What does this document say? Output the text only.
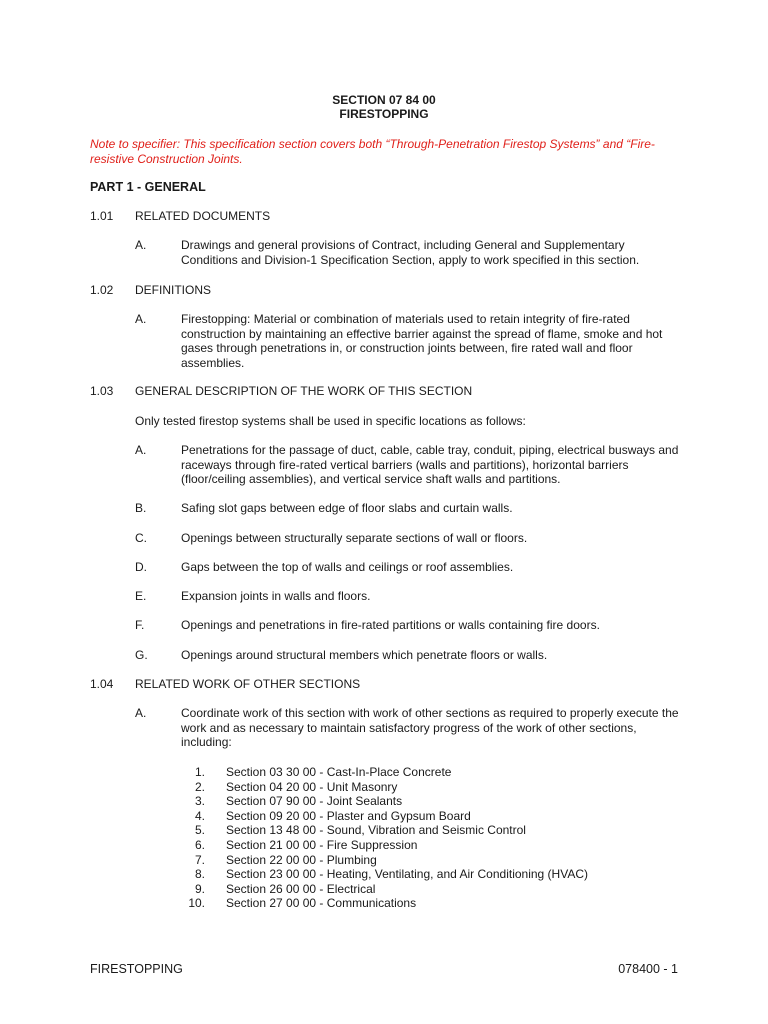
SECTION 07 84 00
FIRESTOPPING
Note to specifier: This specification section covers both “Through-Penetration Firestop Systems” and “Fire-resistive Construction Joints.
PART 1 - GENERAL
1.01 RELATED DOCUMENTS
A.	Drawings and general provisions of Contract, including General and Supplementary Conditions and Division-1 Specification Section, apply to work specified in this section.
1.02 DEFINITIONS
A.	Firestopping: Material or combination of materials used to retain integrity of fire-rated construction by maintaining an effective barrier against the spread of flame, smoke and hot gases through penetrations in, or construction joints between, fire rated wall and floor assemblies.
1.03 GENERAL DESCRIPTION OF THE WORK OF THIS SECTION
Only tested firestop systems shall be used in specific locations as follows:
A.	Penetrations for the passage of duct, cable, cable tray, conduit, piping, electrical busways and raceways through fire-rated vertical barriers (walls and partitions), horizontal barriers (floor/ceiling assemblies), and vertical service shaft walls and partitions.
B.	Safing slot gaps between edge of floor slabs and curtain walls.
C.	Openings between structurally separate sections of wall or floors.
D.	Gaps between the top of walls and ceilings or roof assemblies.
E.	Expansion joints in walls and floors.
F.	Openings and penetrations in fire-rated partitions or walls containing fire doors.
G.	Openings around structural members which penetrate floors or walls.
1.04 RELATED WORK OF OTHER SECTIONS
A.	Coordinate work of this section with work of other sections as required to properly execute the work and as necessary to maintain satisfactory progress of the work of other sections, including:
1. Section 03 30 00 - Cast-In-Place Concrete
2. Section 04 20 00 - Unit Masonry
3. Section 07 90 00 - Joint Sealants
4. Section 09 20 00 - Plaster and Gypsum Board
5. Section 13 48 00 - Sound, Vibration and Seismic Control
6. Section 21 00 00 - Fire Suppression
7. Section 22 00 00 - Plumbing
8. Section 23 00 00 - Heating, Ventilating, and Air Conditioning (HVAC)
9. Section 26 00 00 - Electrical
10. Section 27 00 00 - Communications
FIRESTOPPING	078400 - 1
